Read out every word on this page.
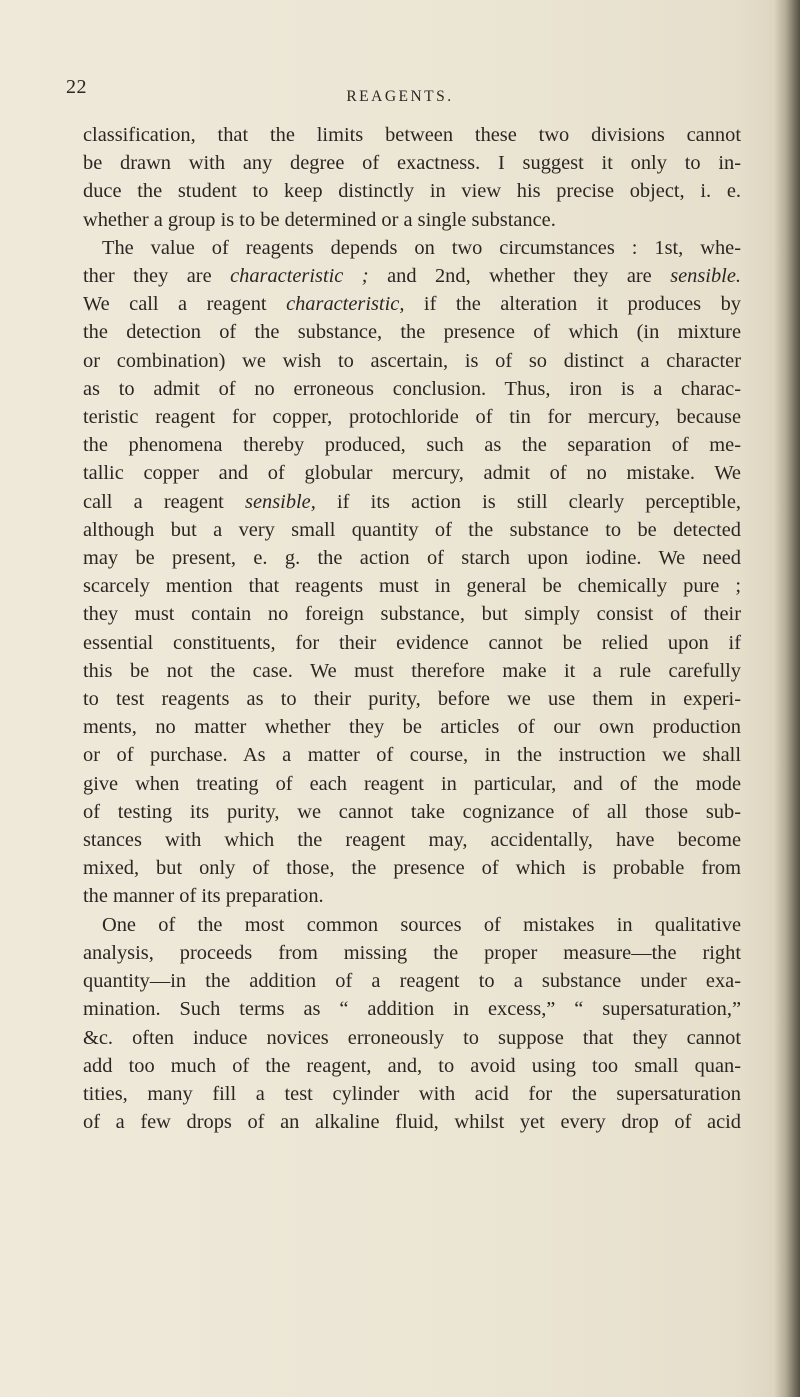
22	REAGENTS.
classification, that the limits between these two divisions cannot
be drawn with any degree of exactness. I suggest it only to in-
duce the student to keep distinctly in view his precise object, i. e.
whether a group is to be determined or a single substance.
The value of reagents depends on two circumstances : 1st, whe-
ther they are characteristic ; and 2nd, whether they are sensible.
We call a reagent characteristic, if the alteration it produces by
the detection of the substance, the presence of which (in mixture
or combination) we wish to ascertain, is of so distinct a character
as to admit of no erroneous conclusion. Thus, iron is a charac-
teristic reagent for copper, protochloride of tin for mercury, because
the phenomena thereby produced, such as the separation of me-
tallic copper and of globular mercury, admit of no mistake. We
call a reagent sensible, if its action is still clearly perceptible,
although but a very small quantity of the substance to be detected
may be present, e. g. the action of starch upon iodine. We need
scarcely mention that reagents must in general be chemically pure ;
they must contain no foreign substance, but simply consist of their
essential constituents, for their evidence cannot be relied upon if
this be not the case. We must therefore make it a rule carefully
to test reagents as to their purity, before we use them in experi-
ments, no matter whether they be articles of our own production
or of purchase. As a matter of course, in the instruction we shall
give when treating of each reagent in particular, and of the mode
of testing its purity, we cannot take cognizance of all those sub-
stances with which the reagent may, accidentally, have become
mixed, but only of those, the presence of which is probable from
the manner of its preparation.
One of the most common sources of mistakes in qualitative
analysis, proceeds from missing the proper measure—the right
quantity—in the addition of a reagent to a substance under exa-
mination. Such terms as “ addition in excess,” “ supersaturation,”
&c. often induce novices erroneously to suppose that they cannot
add too much of the reagent, and, to avoid using too small quan-
tities, many fill a test cylinder with acid for the supersaturation
of a few drops of an alkaline fluid, whilst yet every drop of acid
